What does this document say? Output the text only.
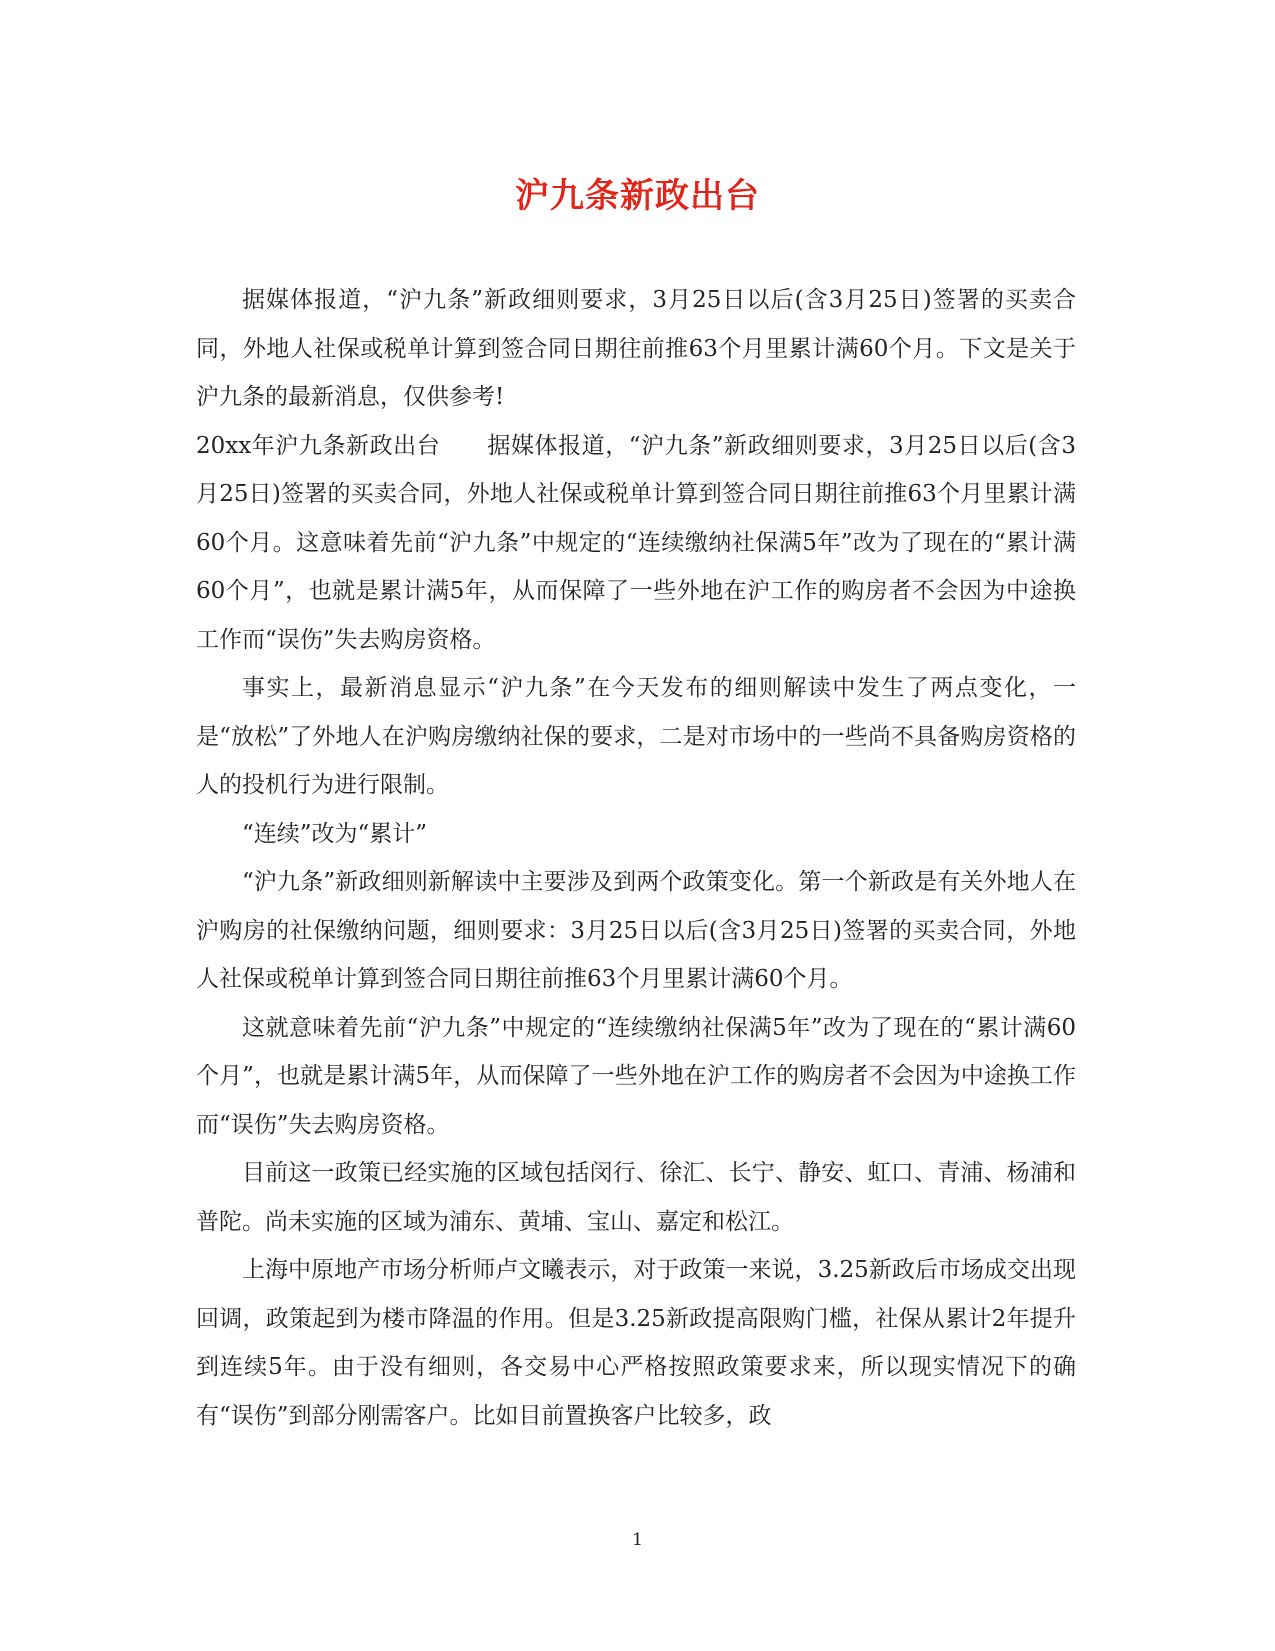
沪九条新政出台

据媒体报道，“沪九条”新政细则要求，3月25日以后(含3月25日)签署的买卖合同，外地人社保或税单计算到签合同日期往前推63个月里累计满60个月。下文是关于沪九条的最新消息，仅供参考!

20xx年沪九条新政出台　　据媒体报道，“沪九条”新政细则要求，3月25日以后(含3月25日)签署的买卖合同，外地人社保或税单计算到签合同日期往前推63个月里累计满60个月。这意味着先前“沪九条”中规定的“连续缴纳社保满5年”改为了现在的“累计满60个月”，也就是累计满5年，从而保障了一些外地在沪工作的购房者不会因为中途换工作而“误伤”失去购房资格。

事实上，最新消息显示“沪九条”在今天发布的细则解读中发生了两点变化，一是“放松”了外地人在沪购房缴纳社保的要求，二是对市场中的一些尚不具备购房资格的人的投机行为进行限制。

“连续”改为“累计”

“沪九条”新政细则新解读中主要涉及到两个政策变化。第一个新政是有关外地人在沪购房的社保缴纳问题，细则要求：3月25日以后(含3月25日)签署的买卖合同，外地人社保或税单计算到签合同日期往前推63个月里累计满60个月。

这就意味着先前“沪九条”中规定的“连续缴纳社保满5年”改为了现在的“累计满60个月”，也就是累计满5年，从而保障了一些外地在沪工作的购房者不会因为中途换工作而“误伤”失去购房资格。

目前这一政策已经实施的区域包括闵行、徐汇、长宁、静安、虹口、青浦、杨浦和普陀。尚未实施的区域为浦东、黄埔、宝山、嘉定和松江。

上海中原地产市场分析师卢文曦表示，对于政策一来说，3.25新政后市场成交出现回调，政策起到为楼市降温的作用。但是3.25新政提高限购门槛，社保从累计2年提升到连续5年。由于没有细则，各交易中心严格按照政策要求来，所以现实情况下的确有“误伤”到部分刚需客户。比如目前置换客户比较多，政

1
